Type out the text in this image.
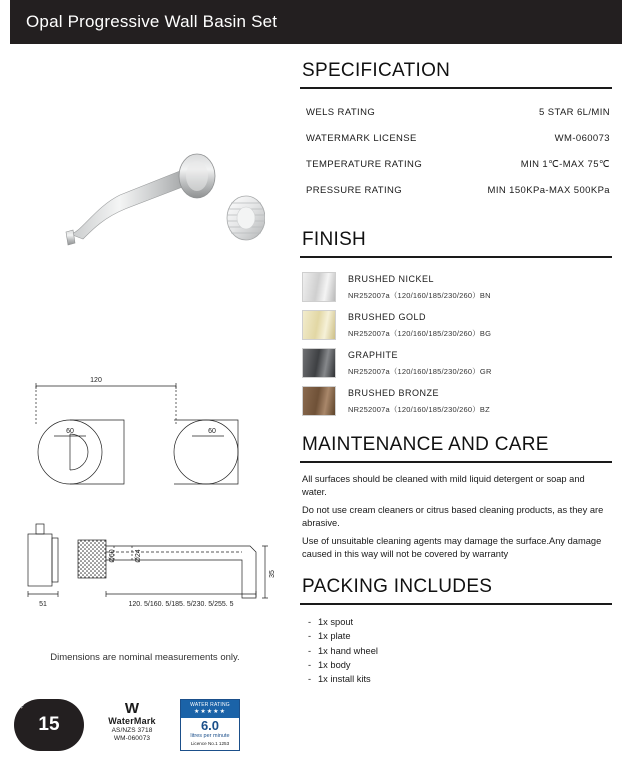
Opal Progressive Wall Basin Set
120
60	60
51	120. 5/160. 5/185. 5/230. 5/255. 5
Ø60	Ø24
35
Dimensions are nominal measurements only.
15 YEARS WARRANTY
15
W
WaterMark
AS/NZS 3718
WM-060073
WATER RATING
★★★★★
6.0
litres per minute
Licence No.1 1253
SPECIFICATION
WELS RATING	5 STAR 6L/MIN
WATERMARK LICENSE	WM-060073
TEMPERATURE RATING	MIN 1℃-MAX 75℃
PRESSURE RATING	MIN 150KPa-MAX 500KPa
FINISH
BRUSHED NICKEL
NR252007a（120/160/185/230/260）BN
BRUSHED GOLD
NR252007a（120/160/185/230/260）BG
GRAPHITE
NR252007a（120/160/185/230/260）GR
BRUSHED BRONZE
NR252007a（120/160/185/230/260）BZ
MAINTENANCE AND CARE

All surfaces should be cleaned with mild liquid detergent or soap and water.

Do not use cream cleaners or citrus based cleaning products, as they are abrasive.

Use of unsuitable cleaning agents may damage the surface.Any damage caused in this way will not be covered by warranty

PACKING INCLUDES
- 1x spout
- 1x plate
- 1x hand wheel
- 1x body
- 1x install kits
